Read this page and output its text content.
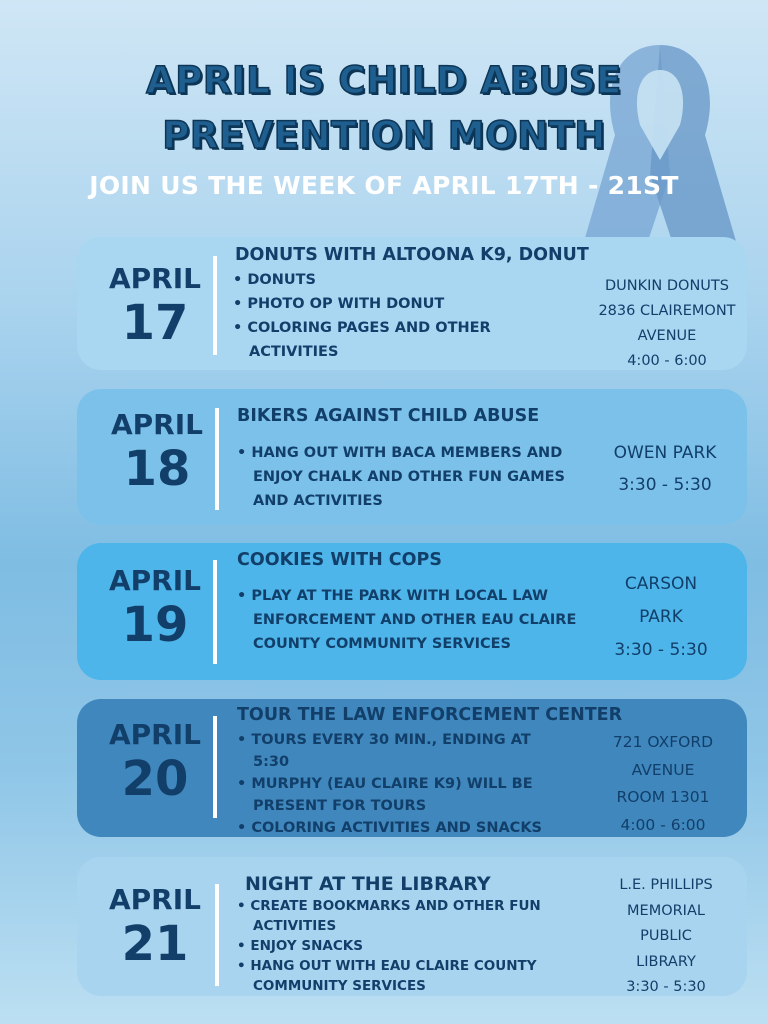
APRIL IS CHILD ABUSE
PREVENTION MONTH
JOIN US THE WEEK OF APRIL 17TH - 21ST
APRIL
17
DONUTS WITH ALTOONA K9, DONUT
• DONUTS
• PHOTO OP WITH DONUT
• COLORING PAGES AND OTHER ACTIVITIES
DUNKIN DONUTS
2836 CLAIREMONT
AVENUE
4:00 - 6:00
APRIL
18
BIKERS AGAINST CHILD ABUSE
• HANG OUT WITH BACA MEMBERS AND ENJOY CHALK AND OTHER FUN GAMES AND ACTIVITIES
OWEN PARK
3:30 - 5:30
APRIL
19
COOKIES WITH COPS
• PLAY AT THE PARK WITH LOCAL LAW ENFORCEMENT AND OTHER EAU CLAIRE COUNTY COMMUNITY SERVICES
CARSON
PARK
3:30 - 5:30
APRIL
20
TOUR THE LAW ENFORCEMENT CENTER
• TOURS EVERY 30 MIN., ENDING AT 5:30
• MURPHY (EAU CLAIRE K9) WILL BE PRESENT FOR TOURS
• COLORING ACTIVITIES AND SNACKS
721 OXFORD
AVENUE
ROOM 1301
4:00 - 6:00
APRIL
21
NIGHT AT THE LIBRARY
• CREATE BOOKMARKS AND OTHER FUN ACTIVITIES
• ENJOY SNACKS
• HANG OUT WITH EAU CLAIRE COUNTY COMMUNITY SERVICES
L.E. PHILLIPS
MEMORIAL
PUBLIC
LIBRARY
3:30 - 5:30
